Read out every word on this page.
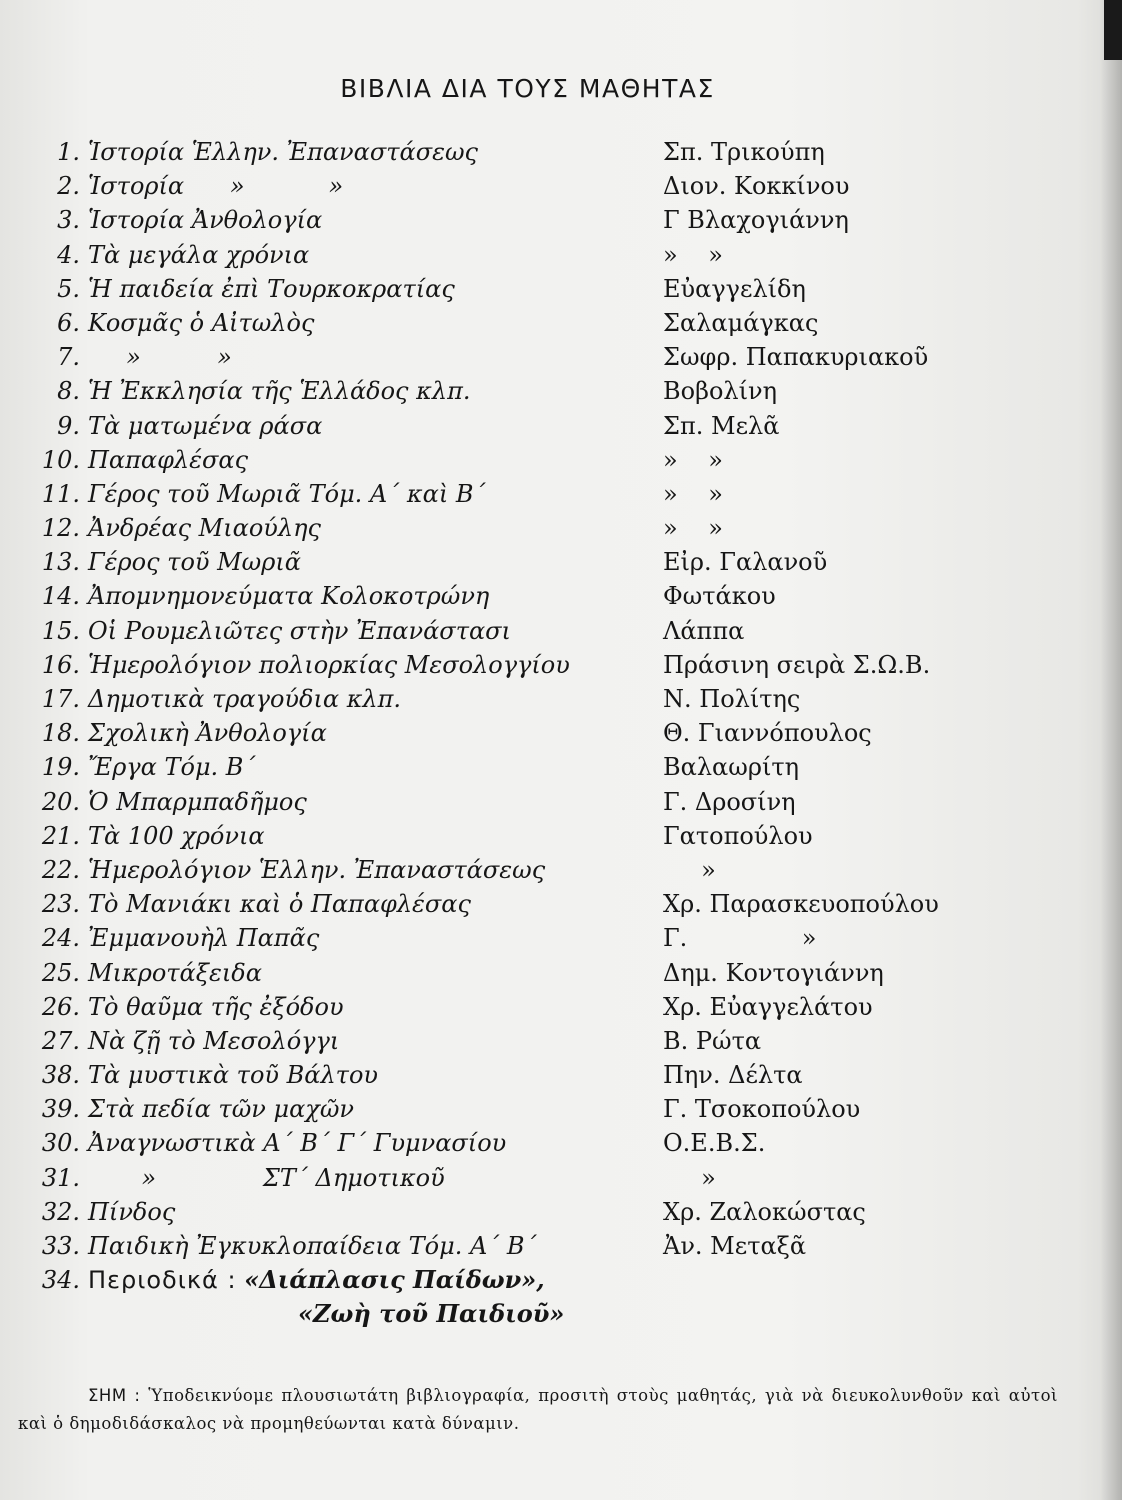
ΒΙΒΛΙΑ ΔΙΑ ΤΟΥΣ ΜΑΘΗΤΑΣ
1. Ἱστορία Ἑλλην. Ἐπαναστάσεως	Σπ. Τρικούπη
2. Ἱστορία      »           »	Διον. Κοκκίνου
3. Ἱστορία Ἀνθολογία	Γ Βλαχογιάννη
4. Τὰ μεγάλα χρόνια	»    »
5. Ἡ παιδεία ἐπὶ Τουρκοκρατίας	Εὐαγγελίδη
6. Κοσμᾶς ὁ Αἰτωλὸς	Σαλαμάγκας
7. »          »	Σωφρ. Παπακυριακοῦ
8. Ἡ Ἐκκλησία τῆς Ἑλλάδος κλπ.	Βοβολίνη
9. Τὰ ματωμένα ράσα	Σπ. Μελᾶ
10. Παπαφλέσας	»    »
11. Γέρος τοῦ Μωριᾶ Τόμ. Α΄ καὶ Β΄	»    »
12. Ἀνδρέας Μιαούλης	»    »
13. Γέρος τοῦ Μωριᾶ	Εἰρ. Γαλανοῦ
14. Ἀπομνημονεύματα Κολοκοτρώνη	Φωτάκου
15. Οἱ Ρουμελιῶτες στὴν Ἐπανάστασι	Λάππα
16. Ἡμερολόγιον πολιορκίας Μεσολογγίου	Πράσινη σειρὰ Σ.Ω.Β.
17. Δημοτικὰ τραγούδια κλπ.	Ν. Πολίτης
18. Σχολικὴ Ἀνθολογία	Θ. Γιαννόπουλος
19. Ἔργα Τόμ. Β΄	Βαλαωρίτη
20. Ὁ Μπαρμπαδῆμος	Γ. Δροσίνη
21. Τὰ 100 χρόνια	Γατοπούλου
22. Ἡμερολόγιον Ἑλλην. Ἐπαναστάσεως	»
23. Τὸ Μανιάκι καὶ ὁ Παπαφλέσας	Χρ. Παρασκευοπούλου
24. Ἐμμανουὴλ Παπᾶς	Γ.               »
25. Μικροτάξειδα	Δημ. Κοντογιάννη
26. Τὸ θαῦμα τῆς ἐξόδου	Χρ. Εὐαγγελάτου
27. Νὰ ζῇ τὸ Μεσολόγγι	Β. Ρώτα
38. Τὰ μυστικὰ τοῦ Βάλτου	Πην. Δέλτα
39. Στὰ πεδία τῶν μαχῶν	Γ. Τσοκοπούλου
30. Ἀναγνωστικὰ Α΄ Β΄ Γ΄ Γυμνασίου	Ο.Ε.Β.Σ.
31. »              ΣΤ΄ Δημοτικοῦ	»
32. Πίνδος	Χρ. Ζαλοκώστας
33. Παιδικὴ Ἐγκυκλοπαίδεια Τόμ. Α΄ Β΄	Ἀν. Μεταξᾶ
34. Περιοδικά : «Διάπλασις Παίδων»,
«Ζωὴ τοῦ Παιδιοῦ»
ΣΗΜ : Ὑποδεικνύομε πλουσιωτάτη βιβλιογραφία, προσιτὴ στοὺς μαθητάς, γιὰ νὰ διευκολυνθοῦν καὶ αὐτοὶ καὶ ὁ δημοδιδάσκαλος νὰ προμηθεύωνται κατὰ δύναμιν.
